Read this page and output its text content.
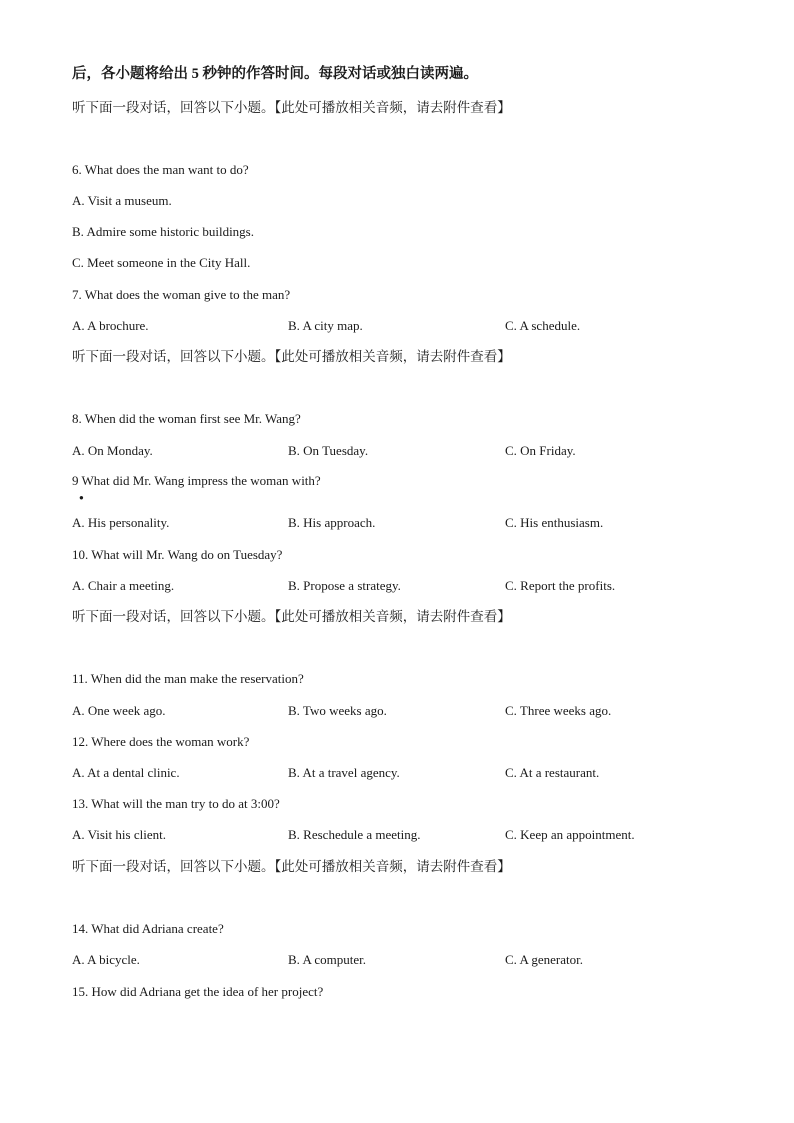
后，各小题将给出 5 秒钟的作答时间。每段对话或独白读两遍。
听下面一段对话，回答以下小题。【此处可播放相关音频，请去附件查看】
6. What does the man want to do?
A. Visit a museum.
B. Admire some historic buildings.
C. Meet someone in the City Hall.
7. What does the woman give to the man?
A. A brochure.	B. A city map.	C. A schedule.
听下面一段对话，回答以下小题。【此处可播放相关音频，请去附件查看】
8. When did the woman first see Mr. Wang?
A. On Monday.	B. On Tuesday.	C. On Friday.
9 What did Mr. Wang impress the woman with?
●
A. His personality.	B. His approach.	C. His enthusiasm.
10. What will Mr. Wang do on Tuesday?
A. Chair a meeting.	B. Propose a strategy.	C. Report the profits.
听下面一段对话，回答以下小题。【此处可播放相关音频，请去附件查看】
11. When did the man make the reservation?
A. One week ago.	B. Two weeks ago.	C. Three weeks ago.
12. Where does the woman work?
A. At a dental clinic.	B. At a travel agency.	C. At a restaurant.
13. What will the man try to do at 3:00?
A. Visit his client.	B. Reschedule a meeting.	C. Keep an appointment.
听下面一段对话，回答以下小题。【此处可播放相关音频，请去附件查看】
14. What did Adriana create?
A. A bicycle.	B. A computer.	C. A generator.
15. How did Adriana get the idea of her project?
